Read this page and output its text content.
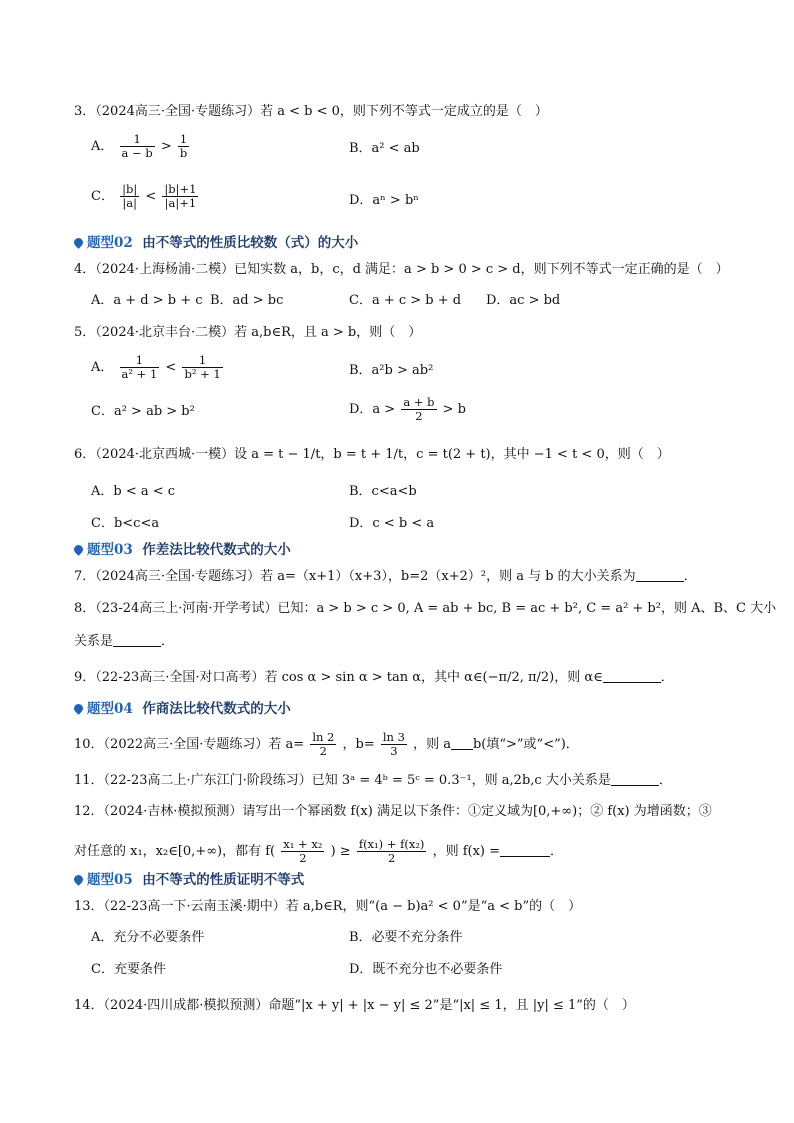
3．（2024高三·全国·专题练习）若 a < b < 0，则下列不等式一定成立的是（　）
A． $\frac{1}{a - b} > \frac{1}{b}$	B．a² < ab
C． $\frac{|b|}{|a|} < \frac{|b|+1}{|a|+1}$	D．aⁿ > bⁿ
题型02 由不等式的性质比较数（式）的大小
4．（2024·上海杨浦·二模）已知实数 a，b，c，d 满足：a > b > 0 > c > d，则下列不等式一定正确的是（　）
A．a + d > b + c B．ad > bc	C．a + c > b + d D．ac > bd
5．（2024·北京丰台·二模）若 a,b∈R，且 a > b，则（　）
A． $\frac{1}{\text{a² + 1}} < \frac{1}{\text{b² + 1}}$	B．a²b > ab²
C．a² > ab > b²	D．$a > \frac{a + b}{2} > b$
6．（2024·北京西城·一模）设 a = t − 1/t，b = t + 1/t，c = t(2 + t)，其中 −1 < t < 0，则（　）
A．b < a < c	B．c<a<b
C．b<c<a	D．c < b < a
题型03 作差法比较代数式的大小
7．（2024高三·全国·专题练习）若 a=（x+1）（x+3），b=2（x+2）²，则 a 与 b 的大小关系为	．
8．（23-24高三上·河南·开学考试）已知：a > b > c > 0, A = ab + bc, B = ac + b², C = a² + b²，则 A、B、C 大小
关系是	．
9．（22-23高三·全国·对口高考）若 cos α > sin α > tan α，其中 α∈(−π/2, π/2)，则 α∈	．
题型04 作商法比较代数式的大小
10．（2022高三·全国·专题练习）若 $a= \frac{\ln 2}{2}$ ，$b= \frac{\ln 3}{3}$ ，则 a b(填“>”或“<”)．
11．（22-23高二上·广东江门·阶段练习）已知 3ᵃ = 4ᵇ = 5ᶜ = 0.3⁻¹，则 a,2b,c 大小关系是	．
12．（2024·吉林·模拟预测）请写出一个幂函数 f(x) 满足以下条件：①定义域为[0,+∞)；② f(x) 为增函数；③
对任意的 x₁，x₂∈[0,+∞)，都有 $f( \frac{\text{x₁ + x₂}}{2}$ ) ≥ $\frac{\text{f(x₁) + f(x₂)}}{2}$ ，则 f(x) =	．
题型05 由不等式的性质证明不等式
13．（22-23高一下·云南玉溪·期中）若 a,b∈R，则“(a − b)a² < 0”是“a < b”的（　）
A．充分不必要条件	B．必要不充分条件
C．充要条件	D．既不充分也不必要条件
14．（2024·四川成都·模拟预测）命题“|x + y| + |x − y| ≤ 2”是“|x| ≤ 1，且 |y| ≤ 1”的（　）
